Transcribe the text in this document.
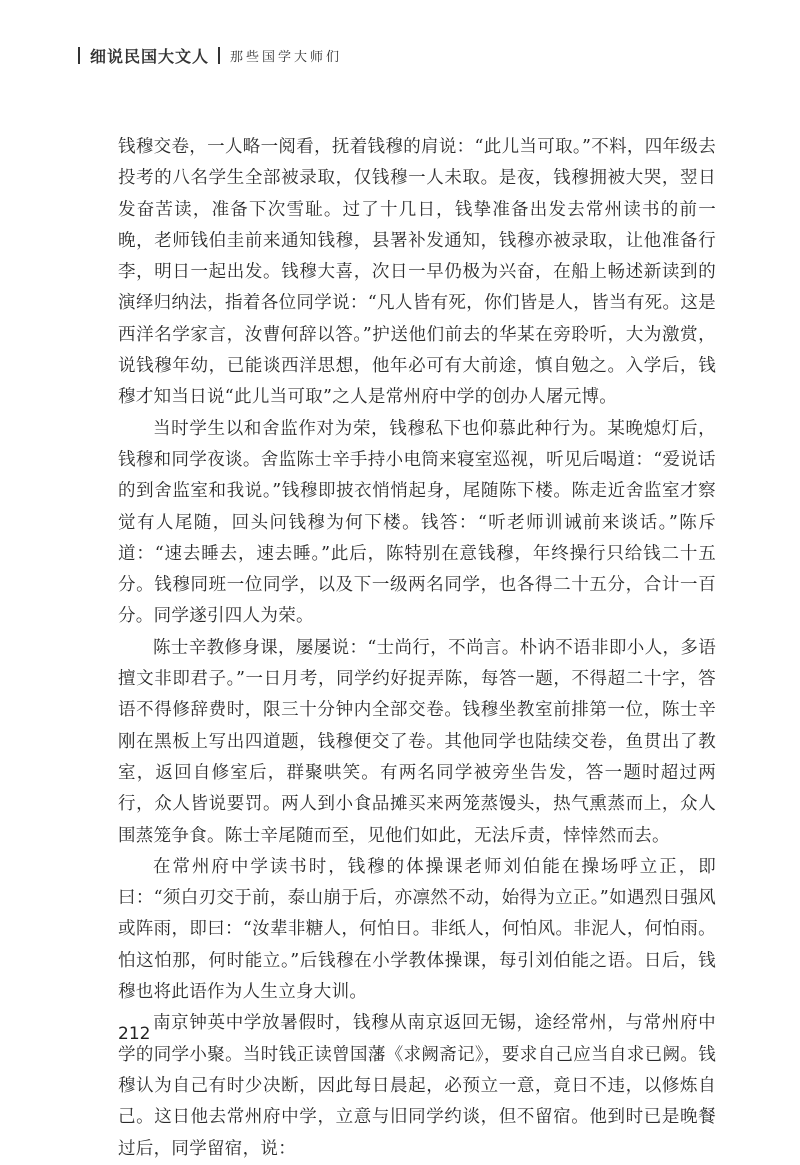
细说民国大文人 那些国学大师们

钱穆交卷，一人略一阅看，抚着钱穆的肩说：“此儿当可取。”不料，四年级去投考的八名学生全部被录取，仅钱穆一人未取。是夜，钱穆拥被大哭，翌日发奋苦读，准备下次雪耻。过了十几日，钱挚准备出发去常州读书的前一晚，老师钱伯圭前来通知钱穆，县署补发通知，钱穆亦被录取，让他准备行李，明日一起出发。钱穆大喜，次日一早仍极为兴奋，在船上畅述新读到的演绎归纳法，指着各位同学说：“凡人皆有死，你们皆是人，皆当有死。这是西洋名学家言，汝曹何辞以答。”护送他们前去的华某在旁聆听，大为激赏，说钱穆年幼，已能谈西洋思想，他年必可有大前途，慎自勉之。入学后，钱穆才知当日说“此儿当可取”之人是常州府中学的创办人屠元博。

当时学生以和舍监作对为荣，钱穆私下也仰慕此种行为。某晚熄灯后，钱穆和同学夜谈。舍监陈士辛手持小电筒来寝室巡视，听见后喝道：“爱说话的到舍监室和我说。”钱穆即披衣悄悄起身，尾随陈下楼。陈走近舍监室才察觉有人尾随，回头问钱穆为何下楼。钱答：“听老师训诫前来谈话。”陈斥道：“速去睡去，速去睡。”此后，陈特别在意钱穆，年终操行只给钱二十五分。钱穆同班一位同学，以及下一级两名同学，也各得二十五分，合计一百分。同学遂引四人为荣。

陈士辛教修身课，屡屡说：“士尚行，不尚言。朴讷不语非即小人，多语擅文非即君子。”一日月考，同学约好捉弄陈，每答一题，不得超二十字，答语不得修辞费时，限三十分钟内全部交卷。钱穆坐教室前排第一位，陈士辛刚在黑板上写出四道题，钱穆便交了卷。其他同学也陆续交卷，鱼贯出了教室，返回自修室后，群聚哄笑。有两名同学被旁坐告发，答一题时超过两行，众人皆说要罚。两人到小食品摊买来两笼蒸馒头，热气熏蒸而上，众人围蒸笼争食。陈士辛尾随而至，见他们如此，无法斥责，悻悻然而去。

在常州府中学读书时，钱穆的体操课老师刘伯能在操场呼立正，即曰：“须白刃交于前，泰山崩于后，亦凛然不动，始得为立正。”如遇烈日强风或阵雨，即曰：“汝辈非糖人，何怕日。非纸人，何怕风。非泥人，何怕雨。怕这怕那，何时能立。”后钱穆在小学教体操课，每引刘伯能之语。日后，钱穆也将此语作为人生立身大训。

南京钟英中学放暑假时，钱穆从南京返回无锡，途经常州，与常州府中学的同学小聚。当时钱正读曾国藩《求阙斋记》，要求自己应当自求已阙。钱穆认为自己有时少决断，因此每日晨起，必预立一意，竟日不违，以修炼自己。这日他去常州府中学，立意与旧同学约谈，但不留宿。他到时已是晚餐过后，同学留宿，说：

212
